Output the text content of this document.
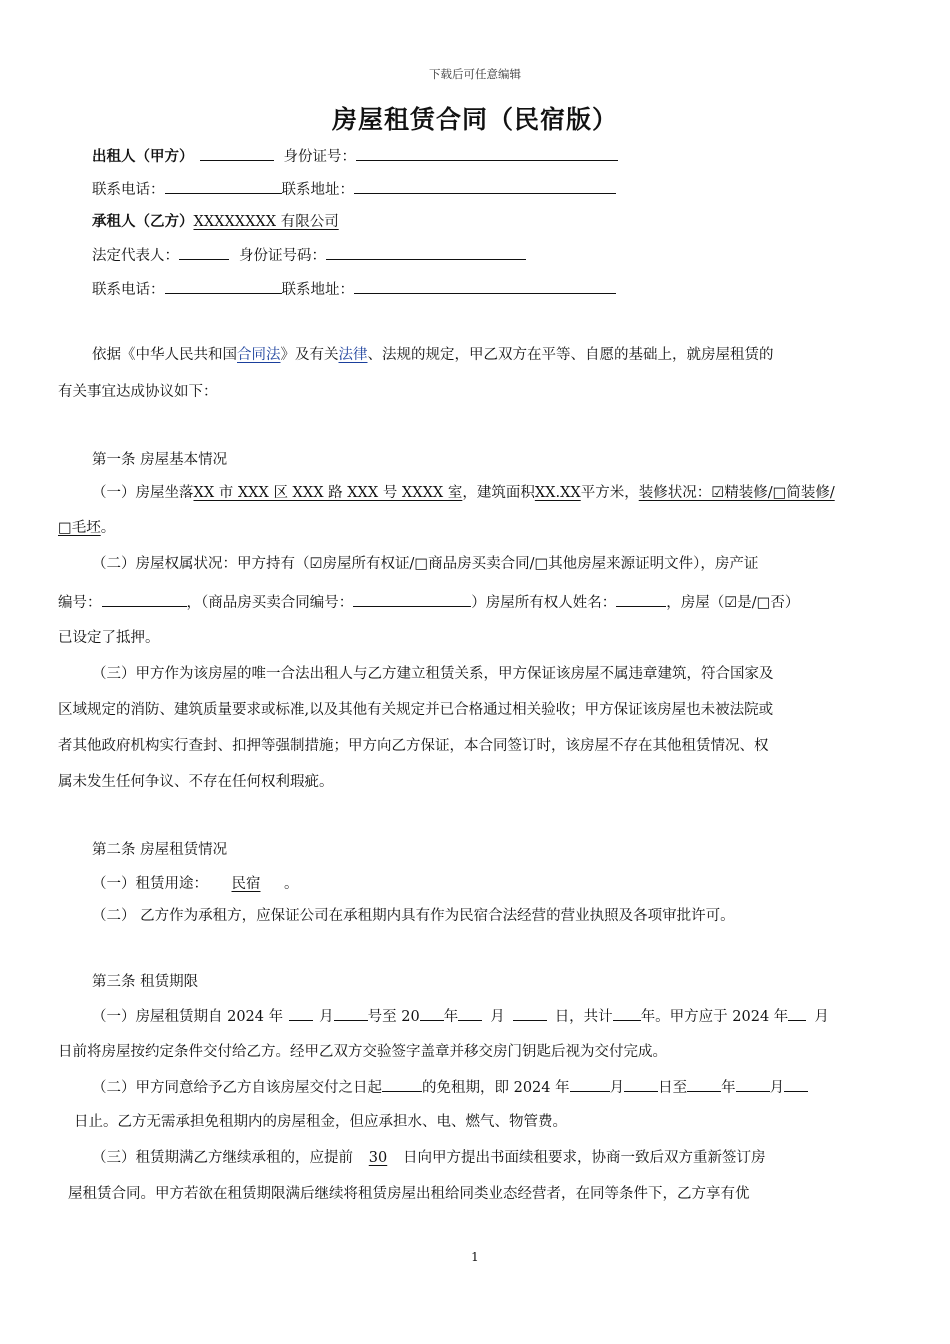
下载后可任意编辑
房屋租赁合同（民宿版）
出租人（甲方）	身份证号：
联系电话：	联系地址：
承租人（乙方）XXXXXXXX 有限公司
法定代表人：	身份证号码：
联系电话：	联系地址：
依据《中华人民共和国合同法》及有关法律、法规的规定，甲乙双方在平等、自愿的基础上，就房屋租赁的
有关事宜达成协议如下：
第一条 房屋基本情况
（一）房屋坐落XX 市 XXX 区 XXX 路 XXX 号 XXXX 室，建筑面积XX.XX平方米，装修状况：☑精装修/□简装修/
□毛坯。
（二）房屋权属状况：甲方持有（☑房屋所有权证/□商品房买卖合同/□其他房屋来源证明文件），房产证
编号：	，（商品房买卖合同编号：	）房屋所有权人姓名：	，房屋（☑是/□否）
已设定了抵押。
（三）甲方作为该房屋的唯一合法出租人与乙方建立租赁关系，甲方保证该房屋不属违章建筑，符合国家及
区域规定的消防、建筑质量要求或标准,以及其他有关规定并已合格通过相关验收；甲方保证该房屋也未被法院或
者其他政府机构实行查封、扣押等强制措施；甲方向乙方保证，本合同签订时，该房屋不存在其他租赁情况、权
属未发生任何争议、不存在任何权利瑕疵。
第二条 房屋租赁情况
（一）租赁用途： 民宿 。
（二） 乙方作为承租方，应保证公司在承租期内具有作为民宿合法经营的营业执照及各项审批许可。
第三条 租赁期限
（一）房屋租赁期自 2024 年 月 号至 20 年 月	日，共计 年。甲方应于 2024 年 月
日前将房屋按约定条件交付给乙方。经甲乙双方交验签字盖章并移交房门钥匙后视为交付完成。
（二）甲方同意给予乙方自该房屋交付之日起	的免租期，即 2024 年	月 日至 年 月
日止。乙方无需承担免租期内的房屋租金，但应承担水、电、燃气、物管费。
（三）租赁期满乙方继续承租的，应提前 30 日向甲方提出书面续租要求，协商一致后双方重新签订房
屋租赁合同。甲方若欲在租赁期限满后继续将租赁房屋出租给同类业态经营者，在同等条件下，乙方享有优
1
